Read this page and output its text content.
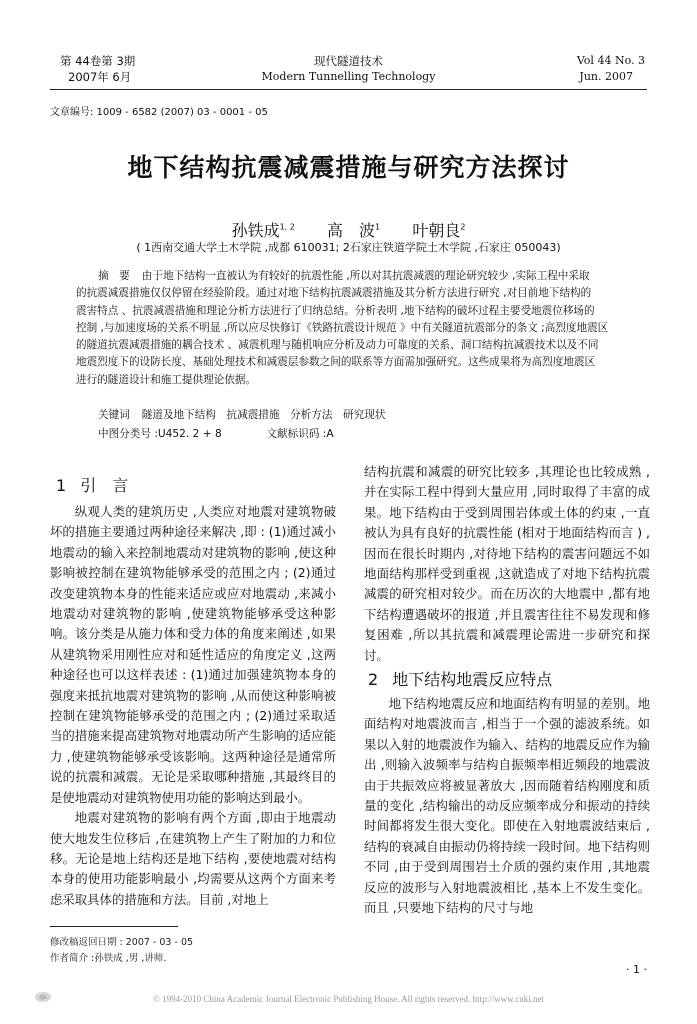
第 44卷第 3期
2007年 6月
现代隧道技术
Modern Tunnelling Technology
Vol 44 No. 3
Jun. 2007
文章编号: 1009 - 6582 (2007) 03 - 0001 - 05
地下结构抗震减震措施与研究方法探讨
孙铁成$^{1, 2}$ 高　波$^1$ 叶朝良$^2$
( 1西南交通大学土木学院 ,成都 610031; 2石家庄铁道学院土木学院 ,石家庄 050043)

摘　要 由于地下结构一直被认为有较好的抗震性能 ,所以对其抗震减震的理论研究较少 ,实际工程中采取

的抗震减震措施仅仅停留在经验阶段。通过对地下结构抗震减震措施及其分析方法进行研究 ,对目前地下结构的

震害特点 、抗震减震措施和理论分析方法进行了归纳总结。分析表明 ,地下结构的破坏过程主要受地震位移场的

控制 ,与加速度场的关系不明显 ,所以应尽快修订《铁路抗震设计规范 》中有关隧道抗震部分的条文 ;高烈度地震区

的隧道抗震减震措施的耦合技术 、减震机理与随机响应分析及动力可靠度的关系、洞口结构抗减震技术以及不同

地震烈度下的设防长度、基础处理技术和减震层参数之间的联系等方面需加强研究。这些成果将为高烈度地震区

进行的隧道设计和施工提供理论依据。

关键词 隧道及地下结构　抗减震措施　分析方法　研究现状
中图分类号 :U452. 2 + 8	文献标识码 :A
1 引　言

纵观人类的建筑历史 ,人类应对地震对建筑物破坏的措施主要通过两种途径来解决 ,即 : (1)通过减小地震动的输入来控制地震动对建筑物的影响 ,使这种影响被控制在建筑物能够承受的范围之内 ; (2)通过改变建筑物本身的性能来适应或应对地震动 ,来减小地震动对建筑物的影响 ,使建筑物能够承受这种影响。该分类是从施力体和受力体的角度来阐述 ,如果从建筑物采用刚性应对和延性适应的角度定义 ,这两种途径也可以这样表述 : (1)通过加强建筑物本身的强度来抵抗地震对建筑物的影响 ,从而使这种影响被控制在建筑物能够承受的范围之内 ; (2)通过采取适当的措施来提高建筑物对地震动所产生影响的适应能力 ,使建筑物能够承受该影响。这两种途径是通常所说的抗震和减震。无论是采取哪种措施 ,其最终目的是使地震动对建筑物使用功能的影响达到最小。

地震对建筑物的影响有两个方面 ,即由于地震动使大地发生位移后 ,在建筑物上产生了附加的力和位移。无论是地上结构还是地下结构 ,要使地震对结构本身的使用功能影响最小 ,均需要从这两个方面来考虑采取具体的措施和方法。目前 ,对地上

结构抗震和减震的研究比较多 ,其理论也比较成熟 ,并在实际工程中得到大量应用 ,同时取得了丰富的成果。地下结构由于受到周围岩体或土体的约束 ,一直被认为具有良好的抗震性能 (相对于地面结构而言 ) ,因而在很长时期内 ,对待地下结构的震害问题远不如地面结构那样受到重视 ,这就造成了对地下结构抗震减震的研究相对较少。而在历次的大地震中 ,都有地下结构遭遇破坏的报道 ,并且震害往往不易发现和修复困难 ,所以其抗震和减震理论需进一步研究和探讨。

2 地下结构地震反应特点

地下结构地震反应和地面结构有明显的差别。地面结构对地震波而言 ,相当于一个强的滤波系统。如果以入射的地震波作为输入、结构的地震反应作为输出 ,则输入波频率与结构自振频率相近频段的地震波由于共振效应将被显著放大 ,因而随着结构刚度和质量的变化 ,结构输出的动反应频率成分和振动的持续时间都将发生很大变化。即使在入射地震波结束后 ,结构的衰减自由振动仍将持续一段时间。地下结构则不同 ,由于受到周围岩土介质的强约束作用 ,其地震反应的波形与入射地震波相比 ,基本上不发生变化。而且 ,只要地下结构的尺寸与地

修改稿返回日期 : 2007 - 03 - 05
作者简介 :孙铁成 ,男 ,讲师.
· 1 ·
© 1994-2010 China Academic Journal Electronic Publishing House. All rights reserved. http://www.cnki.net
